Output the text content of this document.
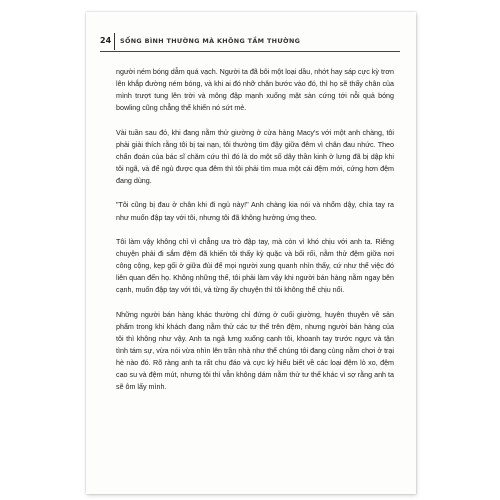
24 SỐNG BÌNH THƯỜNG MÀ KHÔNG TẦM THƯỜNG

người ném bóng dẫm quá vạch. Người ta đã bôi một loại dầu, nhớt hay sáp cực kỳ trơn lên khắp đường ném bóng, và khi ai đó nhỡ chân bước vào đó, thì họ sẽ thấy chân của mình trượt tung lên trời và mông đập mạnh xuống mặt sàn cứng tới nỗi quả bóng bowling cũng chẳng thể khiến nó sứt mẻ.

Vài tuần sau đó, khi đang nằm thử giường ở cửa hàng Macy's với một anh chàng, tôi phải giải thích rằng tôi bị tai nạn, tôi thường tìm đậy giữa đêm vì chân đau nhức. Theo chẩn đoán của bác sĩ chăm cứu thì đó là do một số dây thần kinh ở lưng đã bị dập khi tôi ngã, và để ngủ được qua đêm thì tôi phải tìm mua một cái đệm mới, cứng hơn đệm đang dùng.

"Tôi cũng bị đau ở chân khi đi ngủ này!" Anh chàng kia nói và nhổm dậy, chìa tay ra như muốn đập tay với tôi, nhưng tôi đã không hưởng ứng theo.

Tôi làm vậy không chỉ vì chẳng ưa trò đập tay, mà còn vì khó chịu với anh ta. Riêng chuyện phải đi sắm đệm đã khiến tôi thấy kỳ quặc và bối rối, nằm thử đệm giữa nơi công cộng, kẹp gối ở giữa đùi để mọi người xung quanh nhìn thấy, cứ như thể việc đó liên quan đến họ. Không những thế, tôi phải làm vậy khi người bán hàng nằm ngay bên cạnh, muốn đập tay với tôi, và từng ấy chuyện thì tôi không thể chịu nổi.

Những người bán hàng khác thường chỉ đứng ở cuối giường, huyên thuyên về sản phẩm trong khi khách đang nằm thử các tư thế trên đệm, nhưng người bán hàng của tôi thì không như vậy. Anh ta ngả lưng xuống cạnh tôi, khoanh tay trước ngực và tận tình tám sự, vừa nói vừa nhìn lên trần nhà như thể chúng tôi đang cùng nằm chơi ở trại hè nào đó. Rõ ràng anh ta rất chu đáo và cực kỳ hiểu biết về các loại đệm lò xo, đệm cao su và đệm mút, nhưng tôi thì vẫn không dám nằm thử tư thế khác vì sợ rằng anh ta sẽ ôm lấy mình.
